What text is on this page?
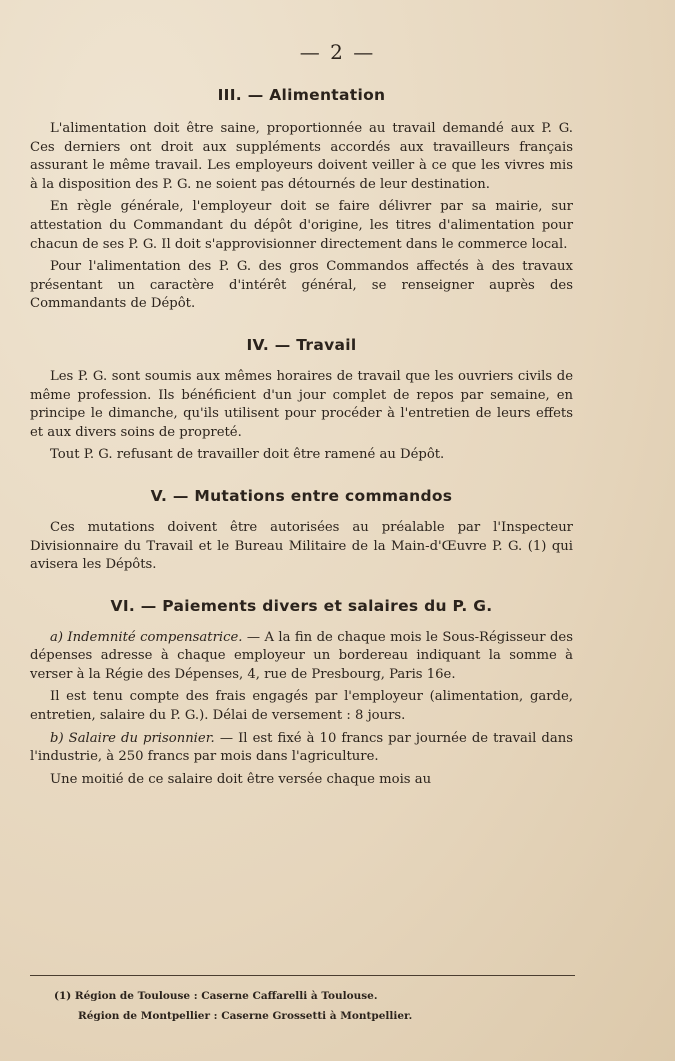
— 2 —
III. — Alimentation

L'alimentation doit être saine, proportionnée au travail demandé aux P. G. Ces derniers ont droit aux suppléments accordés aux travailleurs français assurant le même travail. Les employeurs doivent veiller à ce que les vivres mis à la disposition des P. G. ne soient pas détournés de leur destination.

En règle générale, l'employeur doit se faire délivrer par sa mairie, sur attestation du Commandant du dépôt d'origine, les titres d'alimentation pour chacun de ses P. G. Il doit s'approvisionner directement dans le commerce local.

Pour l'alimentation des P. G. des gros Commandos affectés à des travaux présentant un caractère d'intérêt général, se renseigner auprès des Commandants de Dépôt.

IV. — Travail

Les P. G. sont soumis aux mêmes horaires de travail que les ouvriers civils de même profession. Ils bénéficient d'un jour complet de repos par semaine, en principe le dimanche, qu'ils utilisent pour procéder à l'entretien de leurs effets et aux divers soins de propreté.

Tout P. G. refusant de travailler doit être ramené au Dépôt.

V. — Mutations entre commandos

Ces mutations doivent être autorisées au préalable par l'Inspecteur Divisionnaire du Travail et le Bureau Militaire de la Main-d'Œuvre P. G. (1) qui avisera les Dépôts.

VI. — Paiements divers et salaires du P. G.

a) Indemnité compensatrice. — A la fin de chaque mois le Sous-Régisseur des dépenses adresse à chaque employeur un bordereau indiquant la somme à verser à la Régie des Dépenses, 4, rue de Presbourg, Paris 16e.

Il est tenu compte des frais engagés par l'employeur (alimentation, garde, entretien, salaire du P. G.). Délai de versement : 8 jours.

b) Salaire du prisonnier. — Il est fixé à 10 francs par journée de travail dans l'industrie, à 250 francs par mois dans l'agriculture.

Une moitié de ce salaire doit être versée chaque mois au

(1) Région de Toulouse : Caserne Caffarelli à Toulouse.
Région de Montpellier : Caserne Grossetti à Montpellier.
